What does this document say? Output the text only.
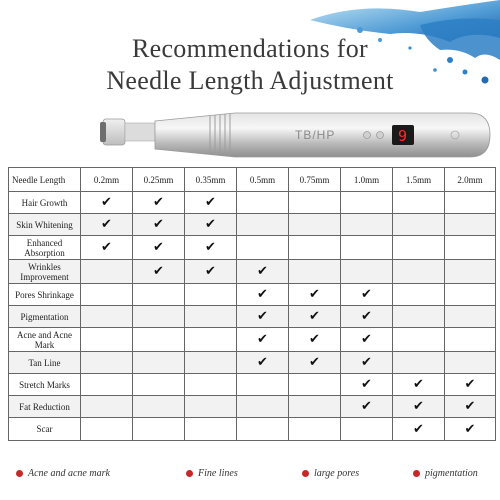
Recommendations for
Needle Length Adjustment
TB/HP	9
Needle Length	0.2mm	0.25mm	0.35mm	0.5mm	0.75mm	1.0mm	1.5mm	2.0mm
Hair Growth	✔	✔	✔					
Skin Whitening	✔	✔	✔					
Enhanced Absorption	✔	✔	✔					
Wrinkles Improvement		✔	✔	✔				
Pores Shrinkage				✔	✔	✔		
Pigmentation				✔	✔	✔		
Acne and Acne Mark				✔	✔	✔		
Tan Line				✔	✔	✔		
Stretch Marks						✔	✔	✔
Fat Reduction						✔	✔	✔
Scar							✔	✔
Acne and acne mark	Fine lines	large pores	pigmentation
